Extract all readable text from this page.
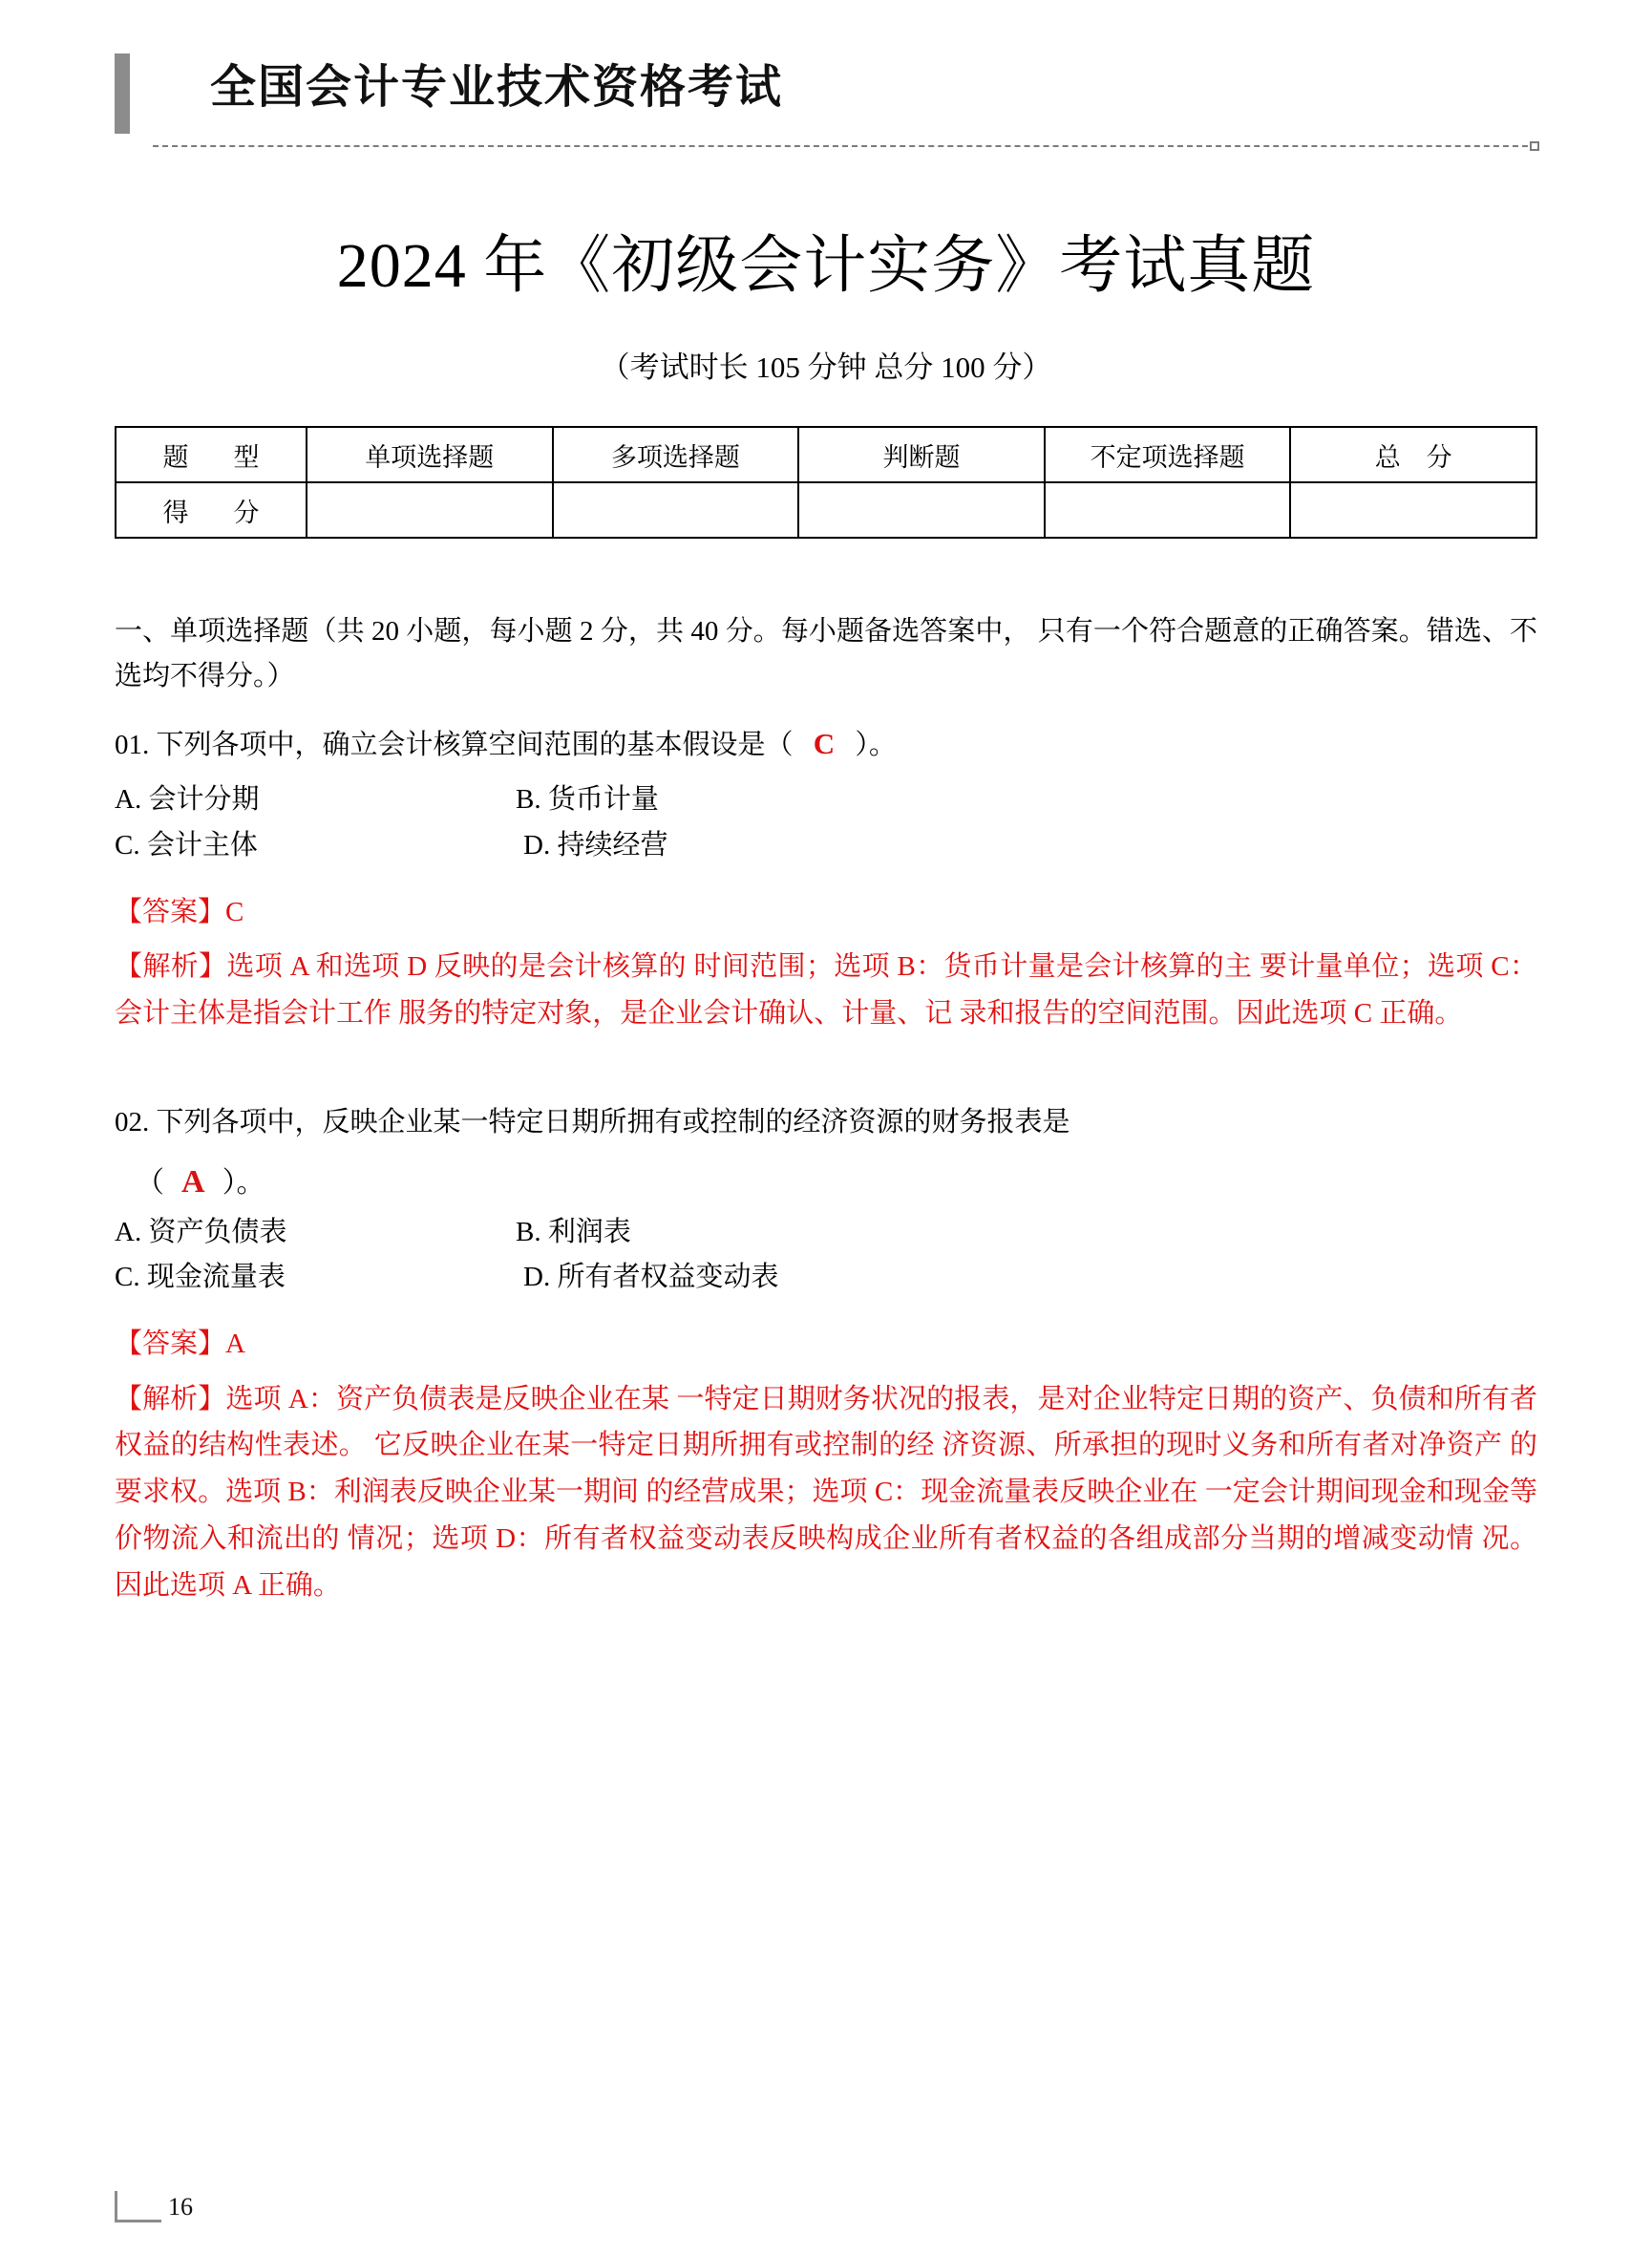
全国会计专业技术资格考试
2024 年《初级会计实务》考试真题
（考试时长 105 分钟 总分 100 分）
题　型	单项选择题	多项选择题	判断题	不定项选择题	总　分
得　分					
一、单项选择题（共 20 小题，每小题 2 分，共 40 分。每小题备选答案中， 只有一个符合题意的正确答案。错选、不选均不得分。）
01. 下列各项中，确立会计核算空间范围的基本假设是（ C ）。
A. 会计分期	B. 货币计量
C. 会计主体	D. 持续经营
【答案】C
【解析】选项 A 和选项 D 反映的是会计核算的 时间范围；选项 B：货币计量是会计核算的主 要计量单位；选项 C：会计主体是指会计工作 服务的特定对象，是企业会计确认、计量、记 录和报告的空间范围。因此选项 C 正确。
02. 下列各项中，反映企业某一特定日期所拥有或控制的经济资源的财务报表是
（ A ）。
A. 资产负债表	B. 利润表
C. 现金流量表	D. 所有者权益变动表
【答案】A
【解析】选项 A：资产负债表是反映企业在某 一特定日期财务状况的报表，是对企业特定日期的资产、负债和所有者权益的结构性表述。 它反映企业在某一特定日期所拥有或控制的经 济资源、所承担的现时义务和所有者对净资产 的要求权。选项 B：利润表反映企业某一期间 的经营成果；选项 C：现金流量表反映企业在 一定会计期间现金和现金等价物流入和流出的 情况；选项 D：所有者权益变动表反映构成企业所有者权益的各组成部分当期的增减变动情 况。因此选项 A 正确。
16
